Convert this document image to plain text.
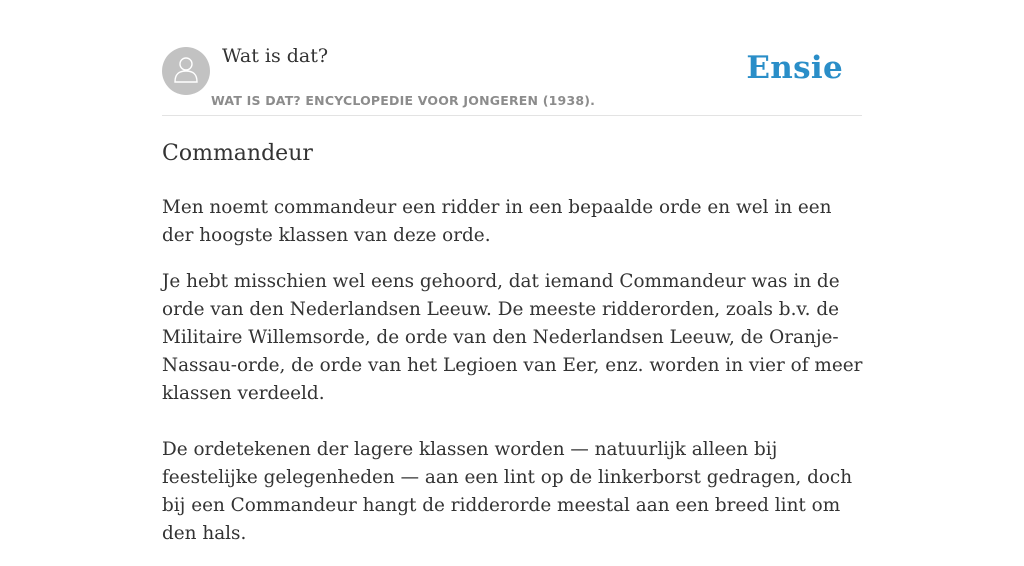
Wat is dat?
WAT IS DAT? ENCYCLOPEDIE VOOR JONGEREN (1938).
Ensie
Commandeur

Men noemt commandeur een ridder in een bepaalde orde en wel in een der hoogste klassen van deze orde.

Je hebt misschien wel eens gehoord, dat iemand Commandeur was in de orde van den Nederlandsen Leeuw. De meeste ridderorden, zoals b.v. de Militaire Willemsorde, de orde van den Nederlandsen Leeuw, de Oranje-Nassau-orde, de orde van het Legioen van Eer, enz. worden in vier of meer klassen verdeeld.

De ordetekenen der lagere klassen worden — natuurlijk alleen bij feestelijke gelegenheden — aan een lint op de linkerborst gedragen, doch bij een Commandeur hangt de ridderorde meestal aan een breed lint om den hals.
